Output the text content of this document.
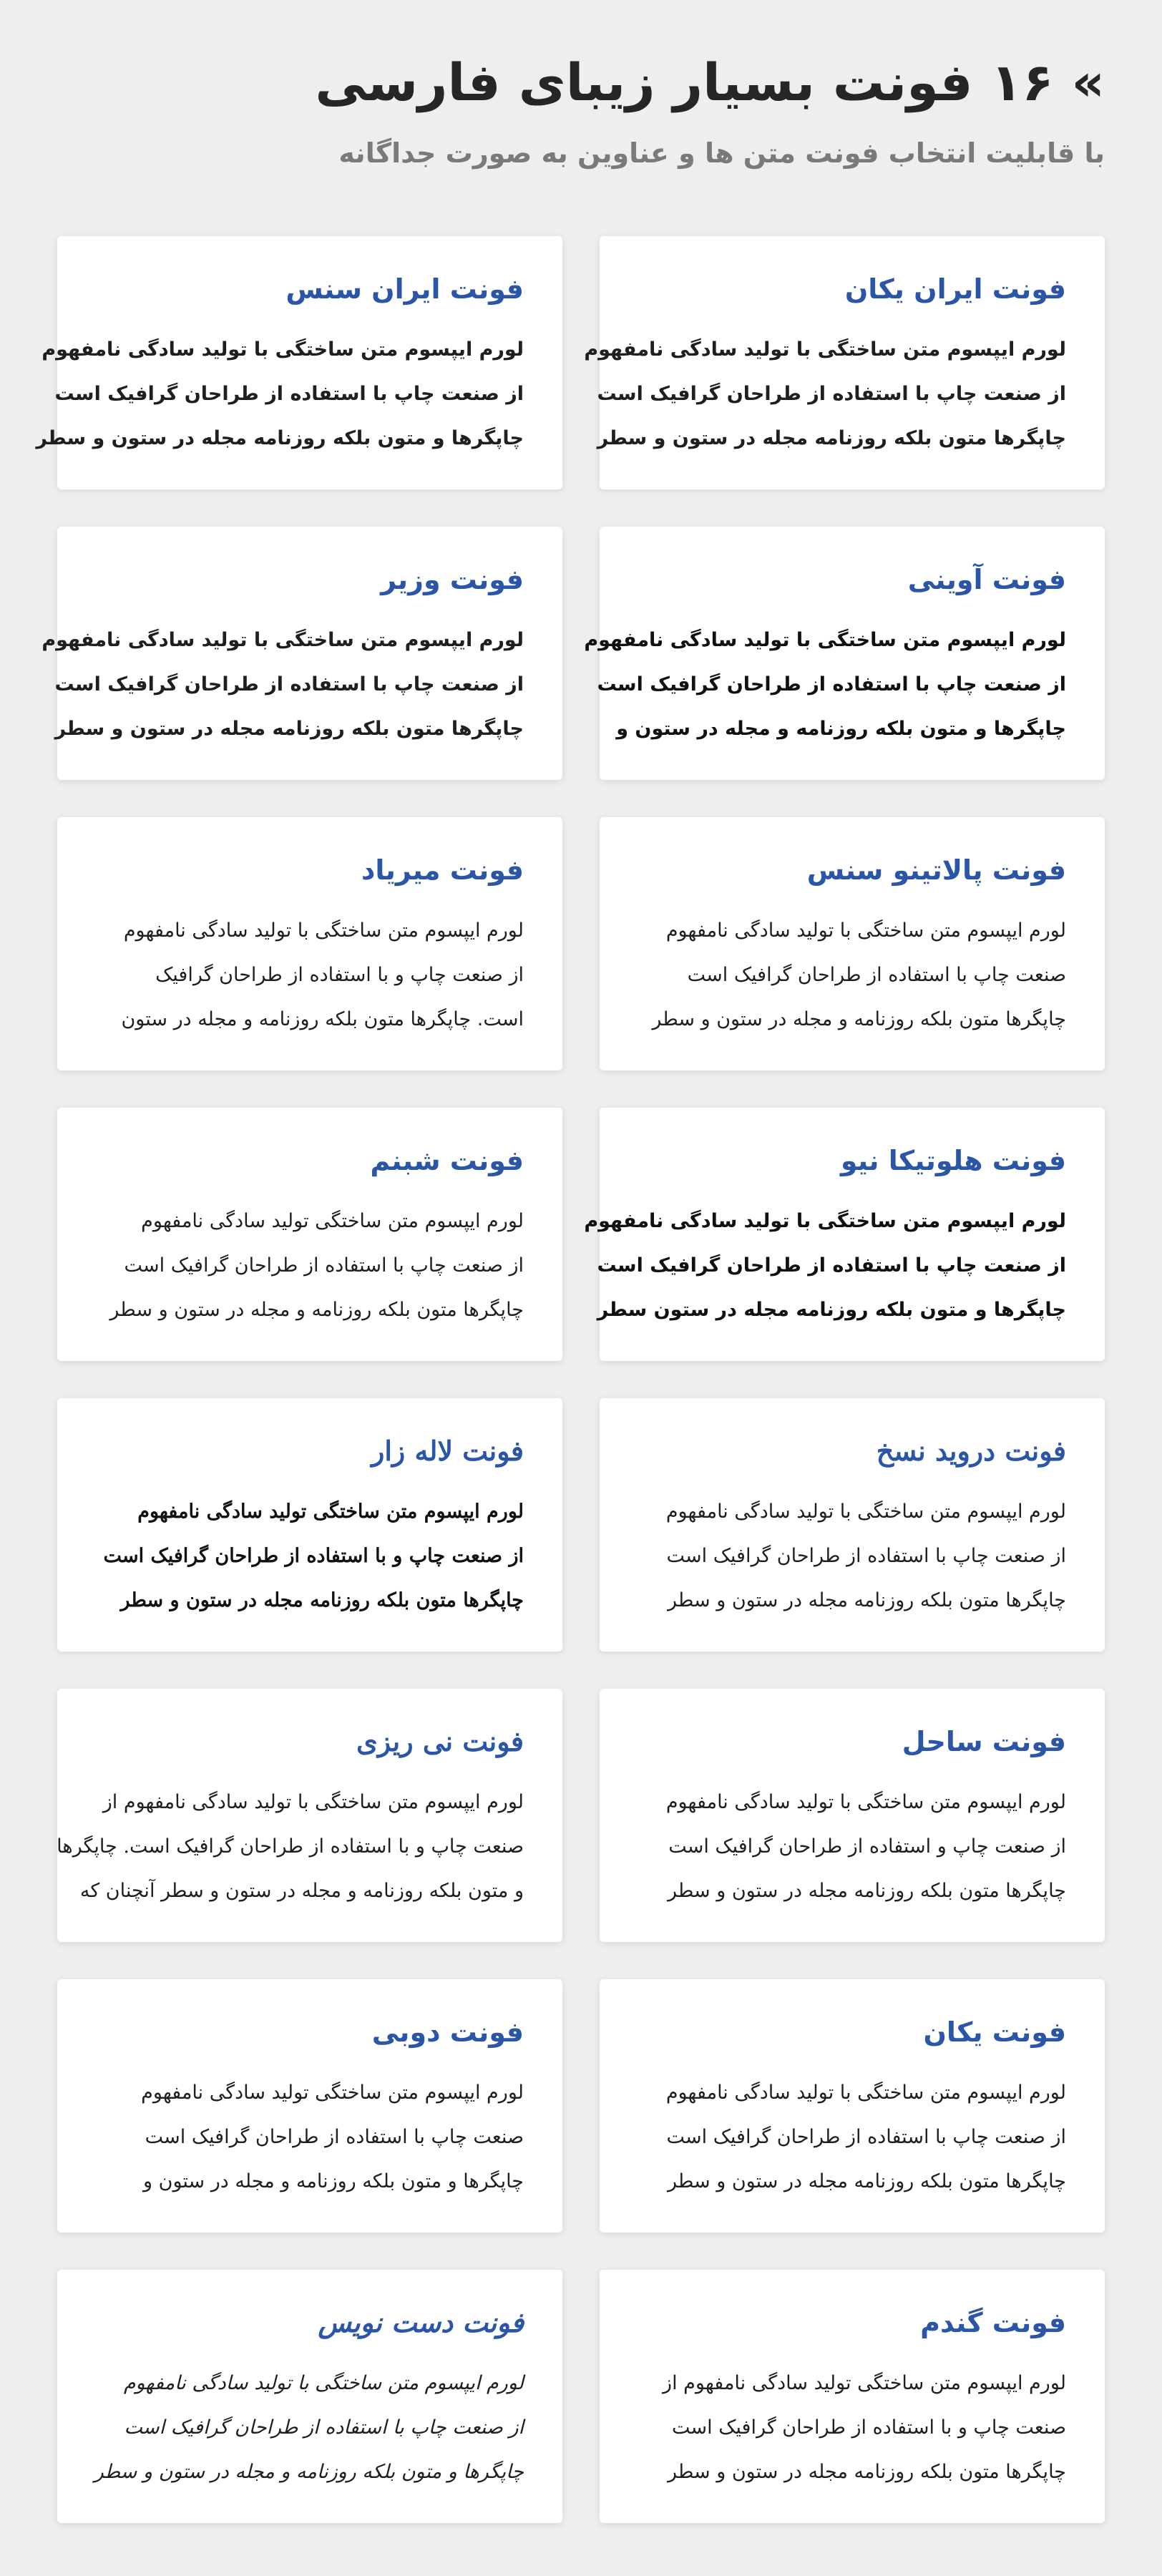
» ۱۶ فونت بسیار زیبای فارسی

با قابلیت انتخاب فونت متن ها و عناوین به صورت جداگانه

فونت ایران یکان

لورم ایپسوم متن ساختگی با تولید سادگی نامفهوم
از صنعت چاپ با استفاده از طراحان گرافیک است
چاپگرها متون بلکه روزنامه مجله در ستون و سطر

فونت ایران سنس

لورم ایپسوم متن ساختگی با تولید سادگی نامفهوم
از صنعت چاپ با استفاده از طراحان گرافیک است
چاپگرها و متون بلکه روزنامه مجله در ستون و سطر

فونت آوینی

لورم ایپسوم متن ساختگی با تولید سادگی نامفهوم
از صنعت چاپ با استفاده از طراحان گرافیک است
چاپگرها و متون بلکه روزنامه و مجله در ستون و

فونت وزیر

لورم ایپسوم متن ساختگی با تولید سادگی نامفهوم
از صنعت چاپ با استفاده از طراحان گرافیک است
چاپگرها متون بلکه روزنامه مجله در ستون و سطر

فونت پالاتینو سنس

لورم ایپسوم متن ساختگی با تولید سادگی نامفهوم
صنعت چاپ با استفاده از طراحان گرافیک است
چاپگرها متون بلکه روزنامه و مجله در ستون و سطر

فونت میریاد

لورم ایپسوم متن ساختگی با تولید سادگی نامفهوم
از صنعت چاپ و با استفاده از طراحان گرافیک
است. چاپگرها متون بلکه روزنامه و مجله در ستون

فونت هلوتیکا نیو

لورم ایپسوم متن ساختگی با تولید سادگی نامفهوم
از صنعت چاپ با استفاده از طراحان گرافیک است
چاپگرها و متون بلکه روزنامه مجله در ستون سطر

فونت شبنم

لورم ایپسوم متن ساختگی تولید سادگی نامفهوم
از صنعت چاپ با استفاده از طراحان گرافیک است
چاپگرها متون بلکه روزنامه و مجله در ستون و سطر

فونت درويد نسخ

لورم ایپسوم متن ساختگی با تولید سادگی نامفهوم
از صنعت چاپ با استفاده از طراحان گرافیک است
چاپگرها متون بلکه روزنامه مجله در ستون و سطر

فونت لاله زار

لورم ایپسوم متن ساختگی تولید سادگی نامفهوم
از صنعت چاپ و با استفاده از طراحان گرافیک است
چاپگرها متون بلکه روزنامه مجله در ستون و سطر

فونت ساحل

لورم ایپسوم متن ساختگی با تولید سادگی نامفهوم
از صنعت چاپ و استفاده از طراحان گرافیک است
چاپگرها متون بلکه روزنامه مجله در ستون و سطر

فونت نی ریزی

لورم ایپسوم متن ساختگی با تولید سادگی نامفهوم از
صنعت چاپ و با استفاده از طراحان گرافیک است. چاپگرها
و متون بلکه روزنامه و مجله در ستون و سطر آنچنان که

فونت یکان

لورم ایپسوم متن ساختگی با تولید سادگی نامفهوم
از صنعت چاپ با استفاده از طراحان گرافیک است
چاپگرها متون بلکه روزنامه مجله در ستون و سطر

فونت دوبی

لورم ایپسوم متن ساختگی تولید سادگی نامفهوم
صنعت چاپ با استفاده از طراحان گرافیک است
چاپگرها و متون بلکه روزنامه و مجله در ستون و

فونت گندم

لورم ایپسوم متن ساختگی تولید سادگی نامفهوم از
صنعت چاپ و با استفاده از طراحان گرافیک است
چاپگرها متون بلکه روزنامه مجله در ستون و سطر

فونت دست نویس

لورم ایپسوم متن ساختگی با تولید سادگی نامفهوم
از صنعت چاپ با استفاده از طراحان گرافیک است
چاپگرها و متون بلکه روزنامه و مجله در ستون و سطر
